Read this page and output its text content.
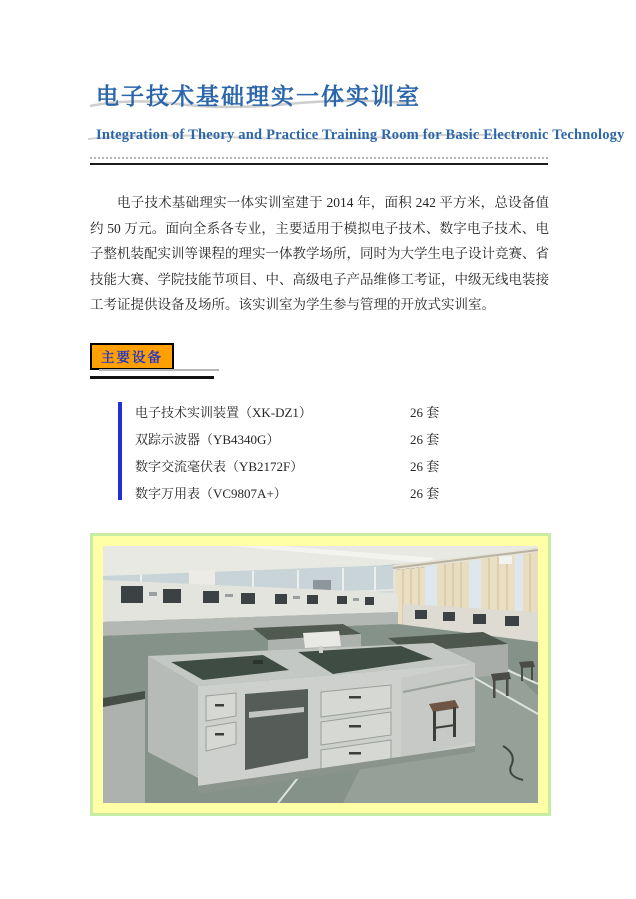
电子技术基础理实一体实训室
Integration of Theory and Practice Training Room for Basic Electronic Technology

电子技术基础理实一体实训室建于 2014 年，面积 242 平方米，总设备值约 50 万元。面向全系各专业，主要适用于模拟电子技术、数字电子技术、电子整机装配实训等课程的理实一体教学场所，同时为大学生电子设计竞赛、省技能大赛、学院技能节项目、中、高级电子产品维修工考证，中级无线电装接工考证提供设备及场所。该实训室为学生参与管理的开放式实训室。

主要设备
电子技术实训装置（XK-DZ1）	26 套
双踪示波器（YB4340G）	26 套
数字交流毫伏表（YB2172F）	26 套
数字万用表（VC9807A+）	26 套
